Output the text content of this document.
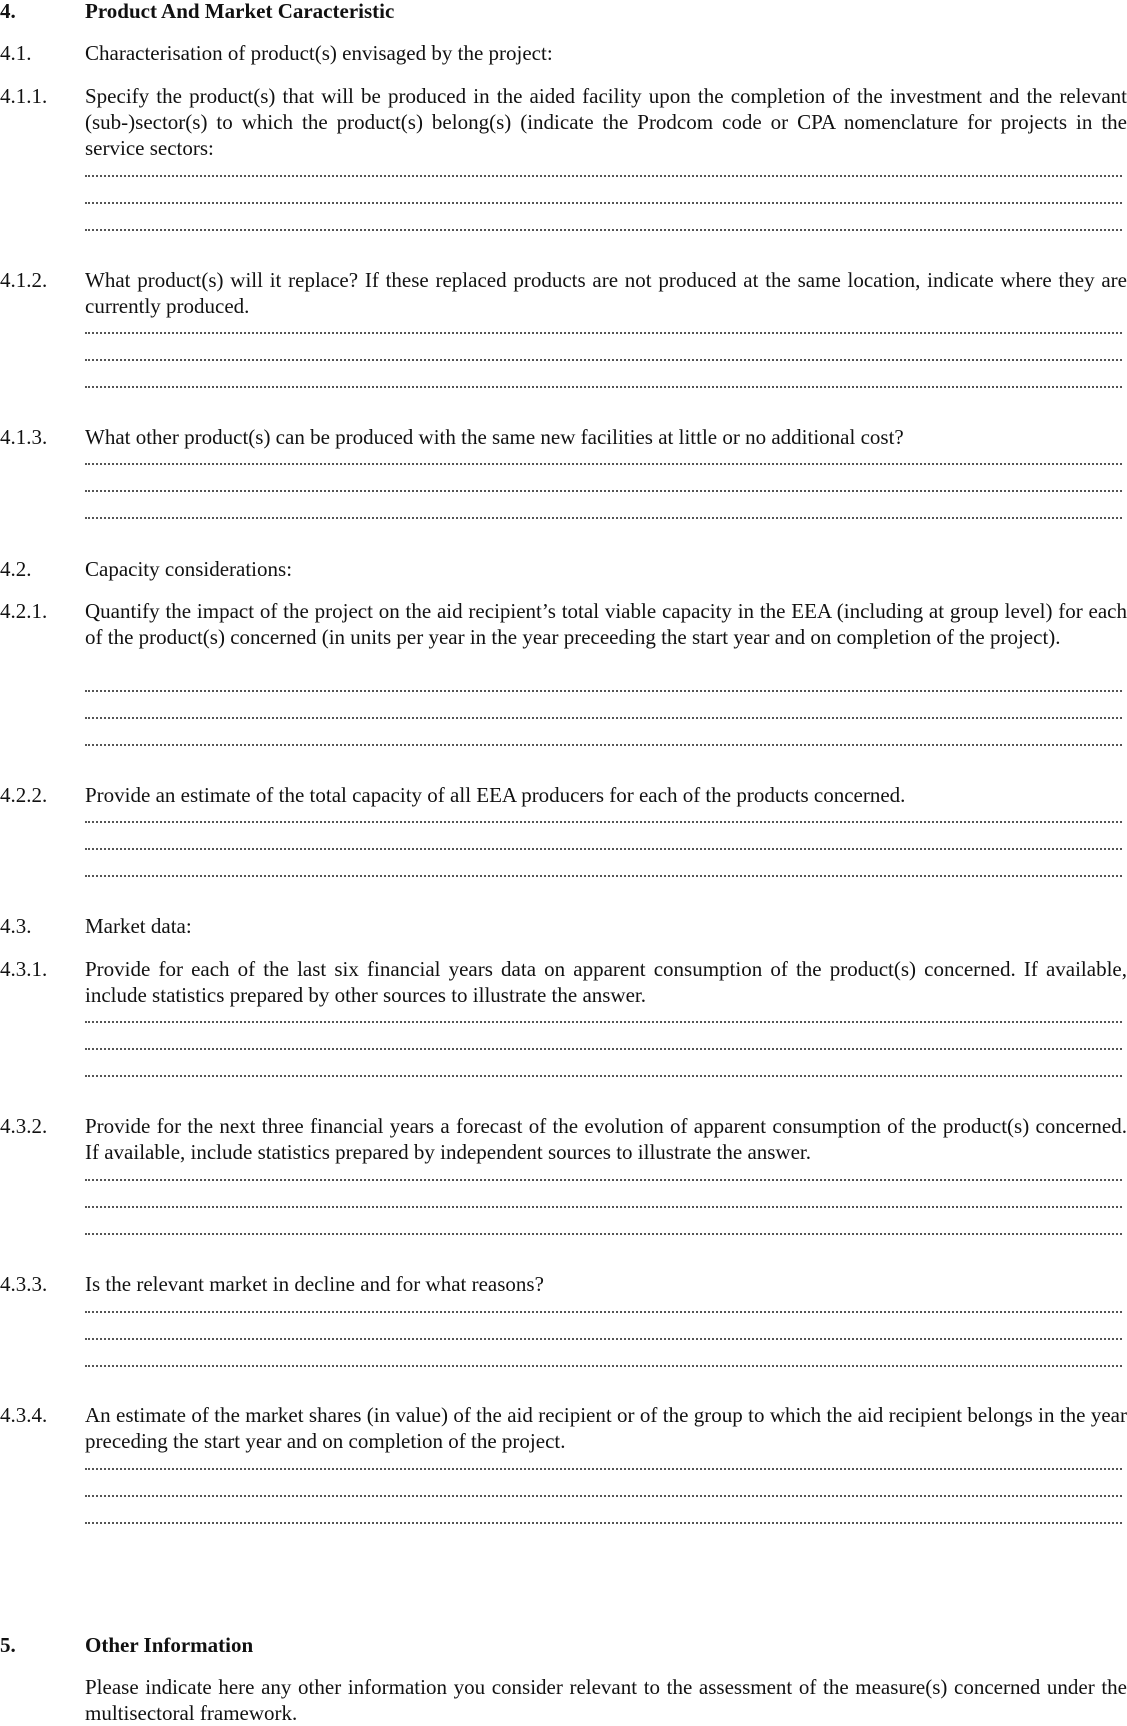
4.	Product And Market Caracteristic
4.1.	Characterisation of product(s) envisaged by the project:
4.1.1.	Specify the product(s) that will be produced in the aided facility upon the completion of the investment and the relevant (sub-)sector(s) to which the product(s) belong(s) (indicate the Prodcom code or CPA nomenclature for projects in the service sectors:
4.1.2.	What product(s) will it replace? If these replaced products are not produced at the same location, indicate where they are currently produced.
4.1.3.	What other product(s) can be produced with the same new facilities at little or no additional cost?
4.2.	Capacity considerations:
4.2.1.	Quantify the impact of the project on the aid recipient’s total viable capacity in the EEA (including at group level) for each of the product(s) concerned (in units per year in the year preceeding the start year and on completion of the project).
4.2.2.	Provide an estimate of the total capacity of all EEA producers for each of the products concerned.
4.3.	Market data:
4.3.1.	Provide for each of the last six financial years data on apparent consumption of the product(s) concerned. If available, include statistics prepared by other sources to illustrate the answer.
4.3.2.	Provide for the next three financial years a forecast of the evolution of apparent consumption of the product(s) concerned. If available, include statistics prepared by independent sources to illustrate the answer.
4.3.3.	Is the relevant market in decline and for what reasons?
4.3.4.	An estimate of the market shares (in value) of the aid recipient or of the group to which the aid recipient belongs in the year preceding the start year and on completion of the project.
5.	Other Information
Please indicate here any other information you consider relevant to the assessment of the measure(s) concerned under the multisectoral framework.
